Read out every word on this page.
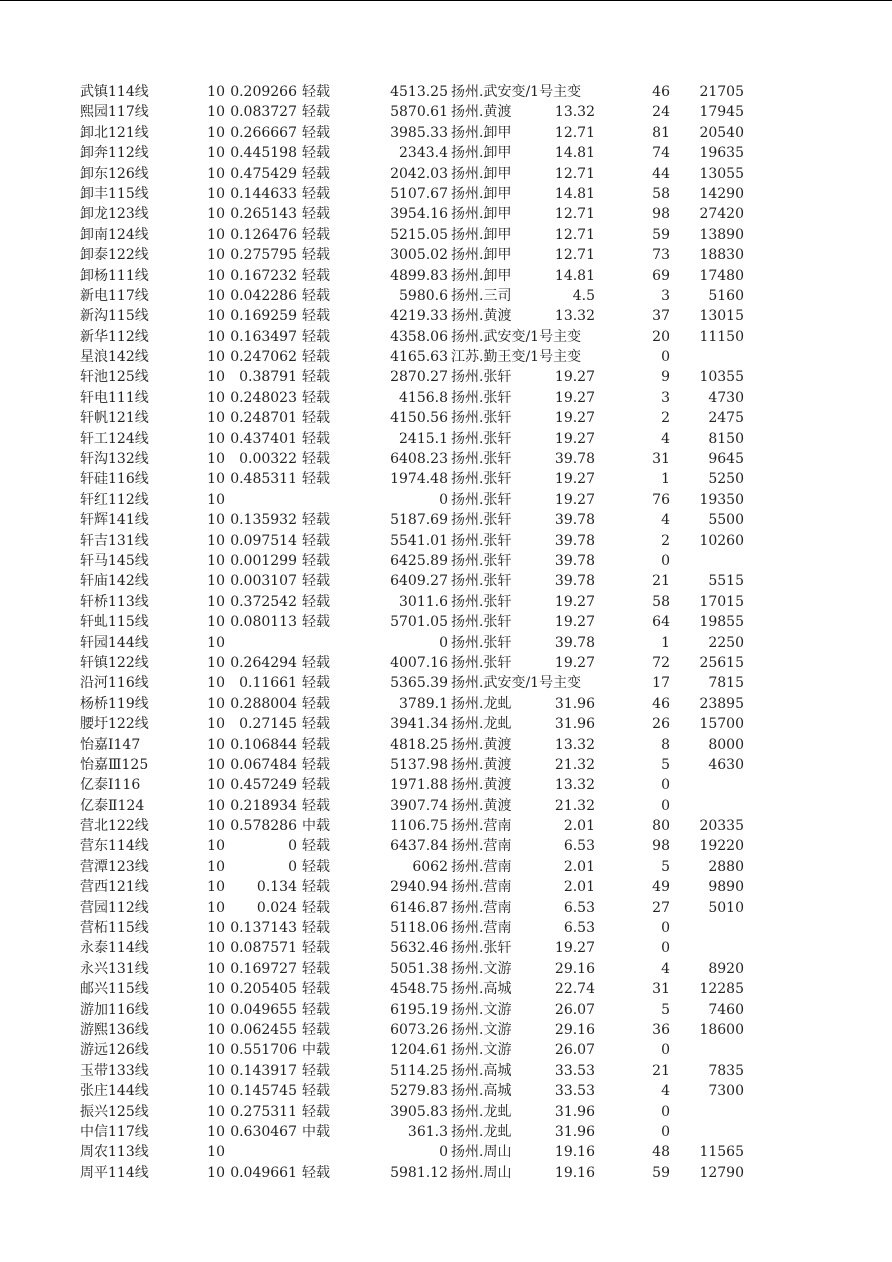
武镇114线	10 0.209266 轻载	4513.25 扬州.武安变/1号主变	46	21705
熙园117线	10 0.083727 轻载	5870.61 扬州.黄渡	13.32	24	17945
卸北121线	10 0.266667 轻载	3985.33 扬州.卸甲	12.71	81	20540
卸奔112线	10 0.445198 轻载	2343.4 扬州.卸甲	14.81	74	19635
卸东126线	10 0.475429 轻载	2042.03 扬州.卸甲	12.71	44	13055
卸丰115线	10 0.144633 轻载	5107.67 扬州.卸甲	14.81	58	14290
卸龙123线	10 0.265143 轻载	3954.16 扬州.卸甲	12.71	98	27420
卸南124线	10 0.126476 轻载	5215.05 扬州.卸甲	12.71	59	13890
卸泰122线	10 0.275795 轻载	3005.02 扬州.卸甲	12.71	73	18830
卸杨111线	10 0.167232 轻载	4899.83 扬州.卸甲	14.81	69	17480
新电117线	10 0.042286 轻载	5980.6 扬州.三司	4.5	3	5160
新沟115线	10 0.169259 轻载	4219.33 扬州.黄渡	13.32	37	13015
新华112线	10 0.163497 轻载	4358.06 扬州.武安变/1号主变	20	11150
星浪142线	10 0.247062 轻载	4165.63 江苏.勤王变/1号主变	0
轩池125线	10	0.38791 轻载	2870.27 扬州.张轩	19.27	9	10355
轩电111线	10 0.248023 轻载	4156.8 扬州.张轩	19.27	3	4730
轩帆121线	10 0.248701 轻载	4150.56 扬州.张轩	19.27	2	2475
轩工124线	10 0.437401 轻载	2415.1 扬州.张轩	19.27	4	8150
轩沟132线	10	0.00322 轻载	6408.23 扬州.张轩	39.78	31	9645
轩硅116线	10 0.485311 轻载	1974.48 扬州.张轩	19.27	1	5250
轩红112线	10	0 扬州.张轩	19.27	76	19350
轩辉141线	10 0.135932 轻载	5187.69 扬州.张轩	39.78	4	5500
轩吉131线	10 0.097514 轻载	5541.01 扬州.张轩	39.78	2	10260
轩马145线	10 0.001299 轻载	6425.89 扬州.张轩	39.78	0
轩庙142线	10 0.003107 轻载	6409.27 扬州.张轩	39.78	21	5515
轩桥113线	10 0.372542 轻载	3011.6 扬州.张轩	19.27	58	17015
轩虬115线	10 0.080113 轻载	5701.05 扬州.张轩	19.27	64	19855
轩园144线	10	0 扬州.张轩	39.78	1	2250
轩镇122线	10 0.264294 轻载	4007.16 扬州.张轩	19.27	72	25615
沿河116线	10	0.11661 轻载	5365.39 扬州.武安变/1号主变	17	7815
杨桥119线	10 0.288004 轻载	3789.1 扬州.龙虬	31.96	46	23895
腰圩122线	10	0.27145 轻载	3941.34 扬州.龙虬	31.96	26	15700
怡嘉Ⅰ147	10 0.106844 轻载	4818.25 扬州.黄渡	13.32	8	8000
怡嘉Ⅲ125	10 0.067484 轻载	5137.98 扬州.黄渡	21.32	5	4630
亿泰Ⅰ116	10 0.457249 轻载	1971.88 扬州.黄渡	13.32	0
亿泰Ⅱ124	10 0.218934 轻载	3907.74 扬州.黄渡	21.32	0
营北122线	10 0.578286 中载	1106.75 扬州.营南	2.01	80	20335
营东114线	10	0 轻载	6437.84 扬州.营南	6.53	98	19220
营潭123线	10	0 轻载	6062 扬州.营南	2.01	5	2880
营西121线	10	0.134 轻载	2940.94 扬州.营南	2.01	49	9890
营园112线	10	0.024 轻载	6146.87 扬州.营南	6.53	27	5010
营柘115线	10 0.137143 轻载	5118.06 扬州.营南	6.53	0
永泰114线	10 0.087571 轻载	5632.46 扬州.张轩	19.27	0
永兴131线	10 0.169727 轻载	5051.38 扬州.文游	29.16	4	8920
邮兴115线	10 0.205405 轻载	4548.75 扬州.高城	22.74	31	12285
游加116线	10 0.049655 轻载	6195.19 扬州.文游	26.07	5	7460
游熙136线	10 0.062455 轻载	6073.26 扬州.文游	29.16	36	18600
游远126线	10 0.551706 中载	1204.61 扬州.文游	26.07	0
玉带133线	10 0.143917 轻载	5114.25 扬州.高城	33.53	21	7835
张庄144线	10 0.145745 轻载	5279.83 扬州.高城	33.53	4	7300
振兴125线	10 0.275311 轻载	3905.83 扬州.龙虬	31.96	0
中信117线	10 0.630467 中载	361.3 扬州.龙虬	31.96	0
周农113线	10	0 扬州.周山	19.16	48	11565
周平114线	10 0.049661 轻载	5981.12 扬州.周山	19.16	59	12790
